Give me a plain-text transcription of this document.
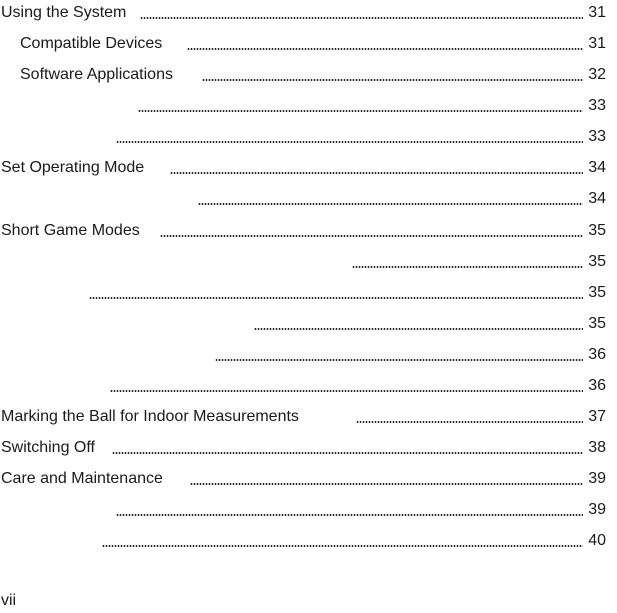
Using the System	31
Compatible Devices	31
Software Applications	32
33
33
Set Operating Mode	34
34
Short Game Modes	35
35
35
35
36
36
Marking the Ball for Indoor Measurements	37
Switching Off	38
Care and Maintenance	39
39
40
vii
